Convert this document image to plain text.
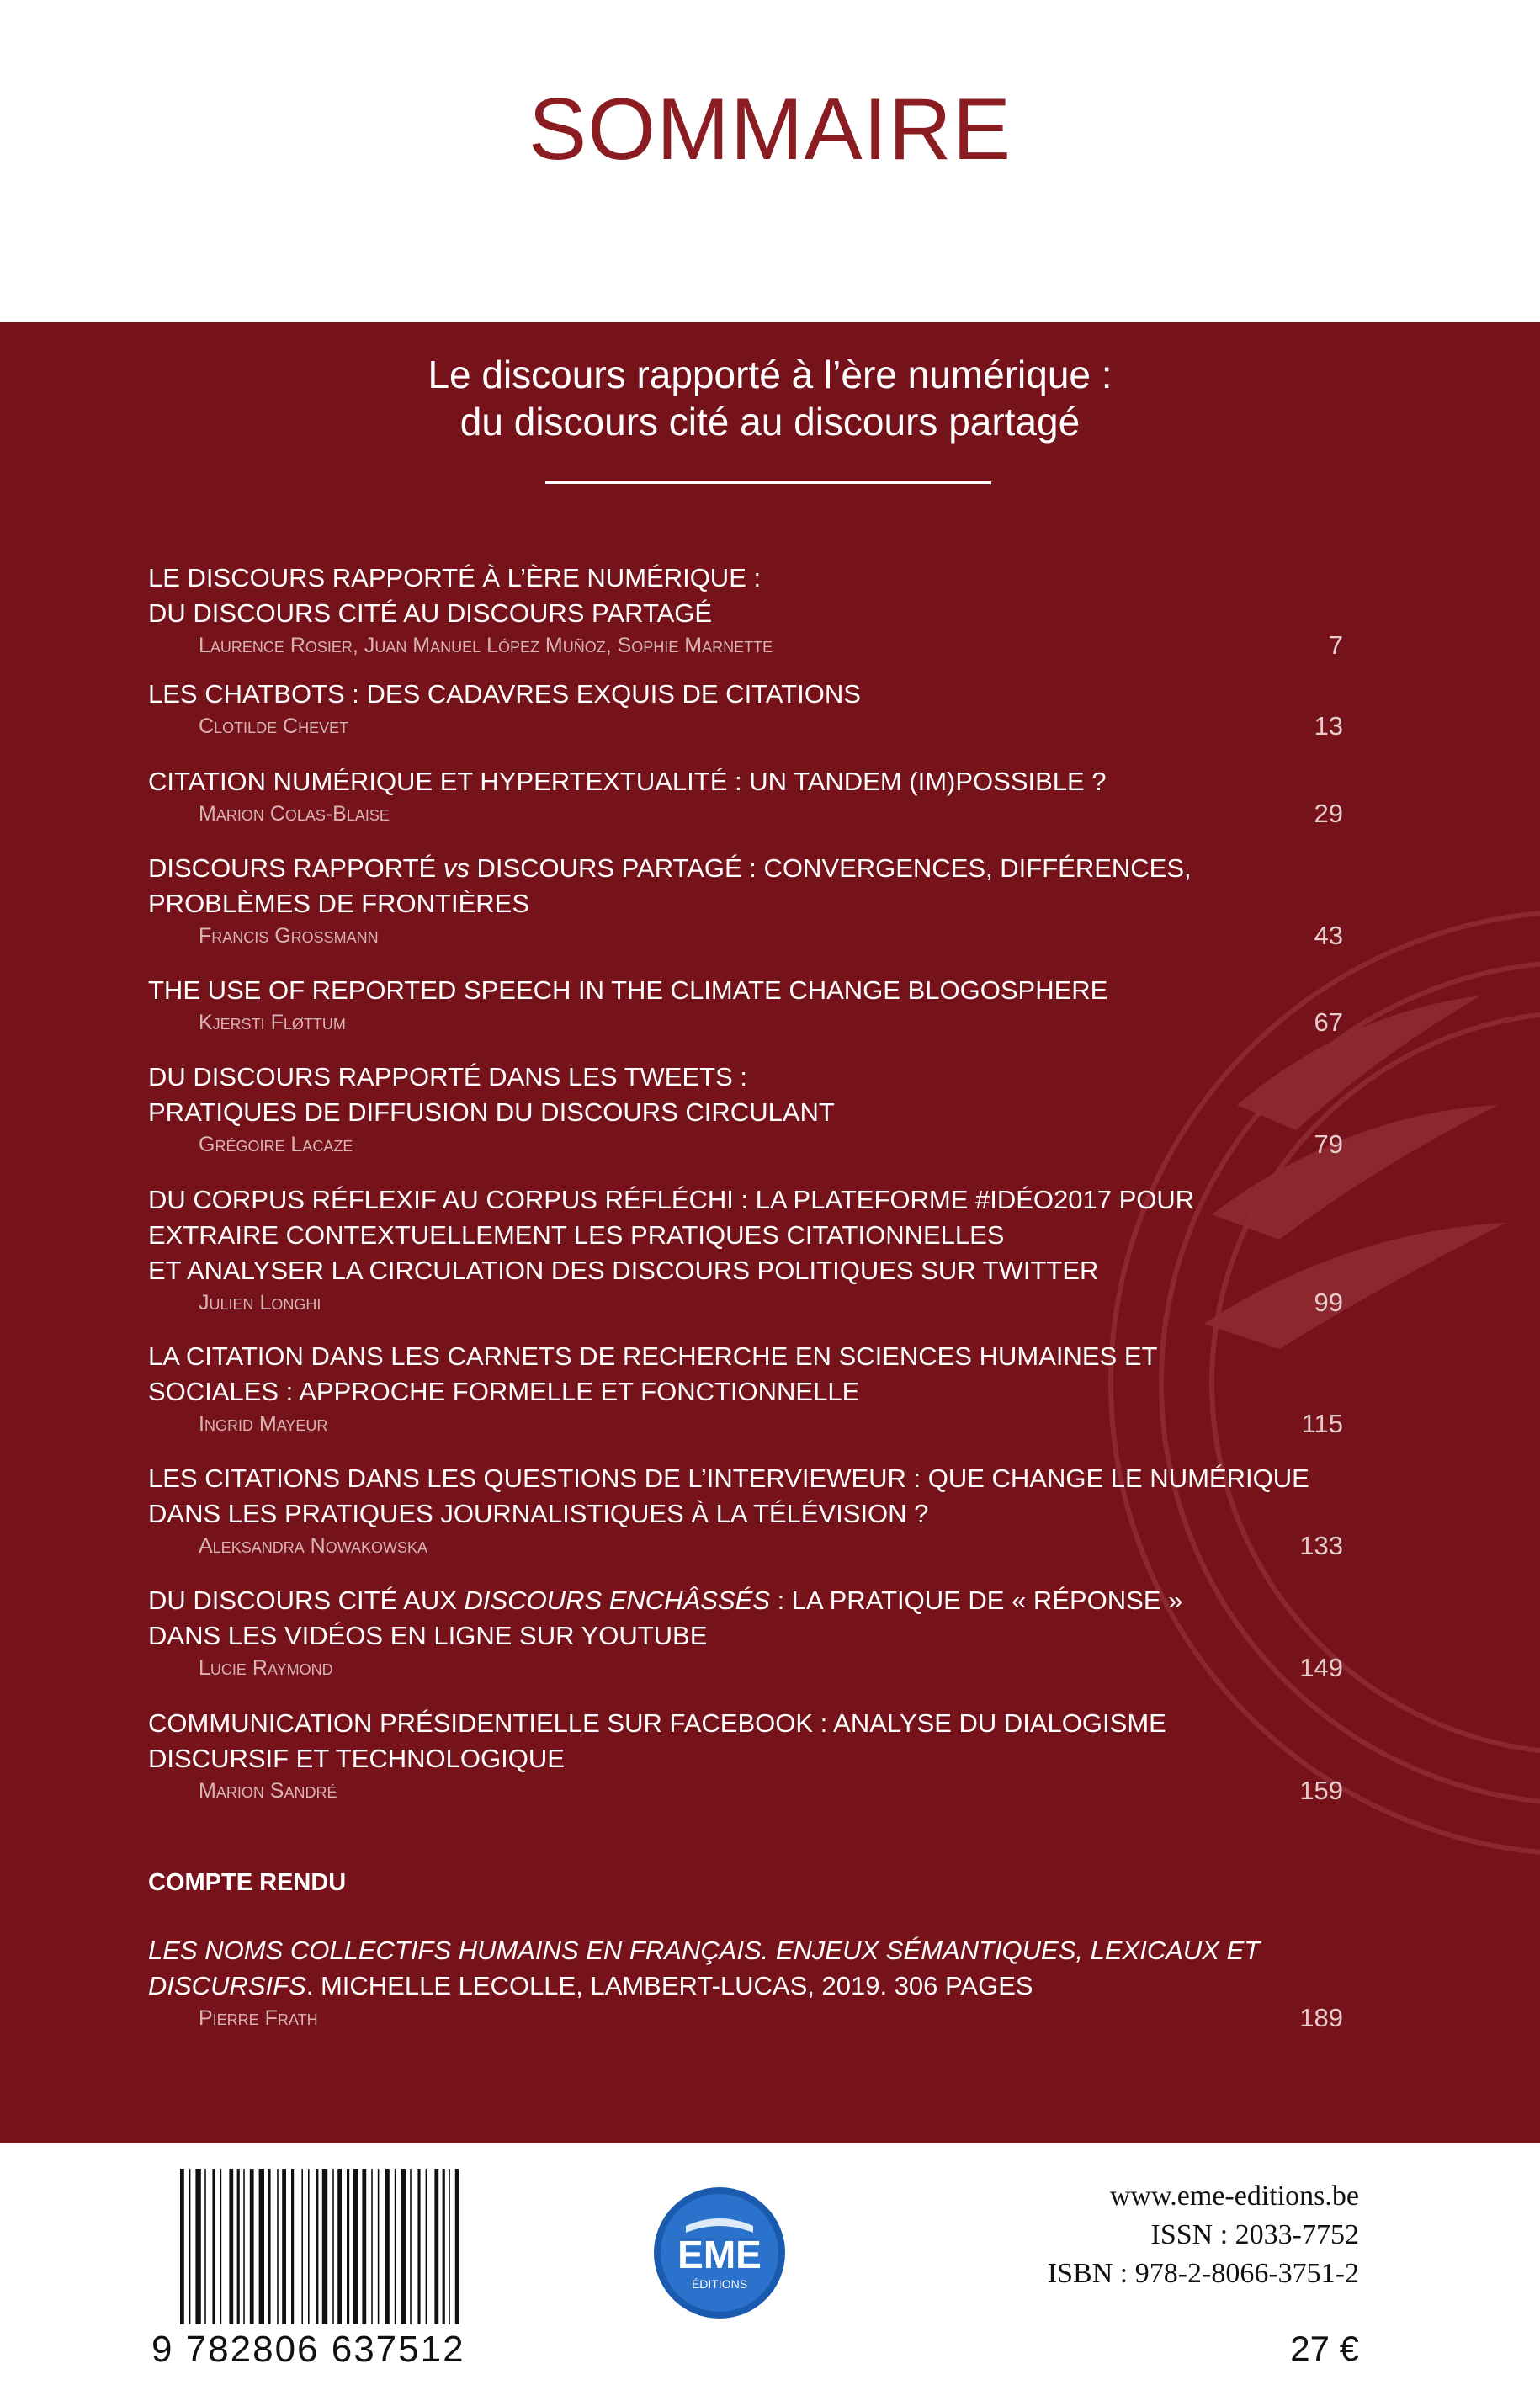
SOMMAIRE
Le discours rapporté à l’ère numérique :
du discours cité au discours partagé
LE DISCOURS RAPPORTÉ À L’ÈRE NUMÉRIQUE :
DU DISCOURS CITÉ AU DISCOURS PARTAGÉ
Laurence Rosier, Juan Manuel López Muñoz, Sophie Marnette	7
LES CHATBOTS : DES CADAVRES EXQUIS DE CITATIONS
Clotilde Chevet	13
CITATION NUMÉRIQUE ET HYPERTEXTUALITÉ : UN TANDEM (IM)POSSIBLE ?
Marion Colas-Blaise	29
DISCOURS RAPPORTÉ vs DISCOURS PARTAGÉ : CONVERGENCES, DIFFÉRENCES,
PROBLÈMES DE FRONTIÈRES
Francis Grossmann	43
THE USE OF REPORTED SPEECH IN THE CLIMATE CHANGE BLOGOSPHERE
Kjersti Fløttum	67
DU DISCOURS RAPPORTÉ DANS LES TWEETS :
PRATIQUES DE DIFFUSION DU DISCOURS CIRCULANT
Grégoire Lacaze	79
DU CORPUS RÉFLEXIF AU CORPUS RÉFLÉCHI : LA PLATEFORME #IDÉO2017 POUR
EXTRAIRE CONTEXTUELLEMENT LES PRATIQUES CITATIONNELLES
ET ANALYSER LA CIRCULATION DES DISCOURS POLITIQUES SUR TWITTER
Julien Longhi	99
LA CITATION DANS LES CARNETS DE RECHERCHE EN SCIENCES HUMAINES ET
SOCIALES : APPROCHE FORMELLE ET FONCTIONNELLE
Ingrid Mayeur	115
LES CITATIONS DANS LES QUESTIONS DE L’INTERVIEWEUR : QUE CHANGE LE NUMÉRIQUE
DANS LES PRATIQUES JOURNALISTIQUES À LA TÉLÉVISION ?
Aleksandra Nowakowska	133
DU DISCOURS CITÉ AUX DISCOURS ENCHÂSSÉS : LA PRATIQUE DE « RÉPONSE »
DANS LES VIDÉOS EN LIGNE SUR YOUTUBE
Lucie Raymond	149
COMMUNICATION PRÉSIDENTIELLE SUR FACEBOOK : ANALYSE DU DIALOGISME
DISCURSIF ET TECHNOLOGIQUE
Marion Sandré	159
COMPTE RENDU
LES NOMS COLLECTIFS HUMAINS EN FRANÇAIS. ENJEUX SÉMANTIQUES, LEXICAUX ET
DISCURSIFS. MICHELLE LECOLLE, LAMBERT-LUCAS, 2019. 306 PAGES
Pierre Frath	189
9 782806 637512
EME
ÉDITIONS
www.eme-editions.be
ISSN : 2033-7752
ISBN : 978-2-8066-3751-2
27 €
